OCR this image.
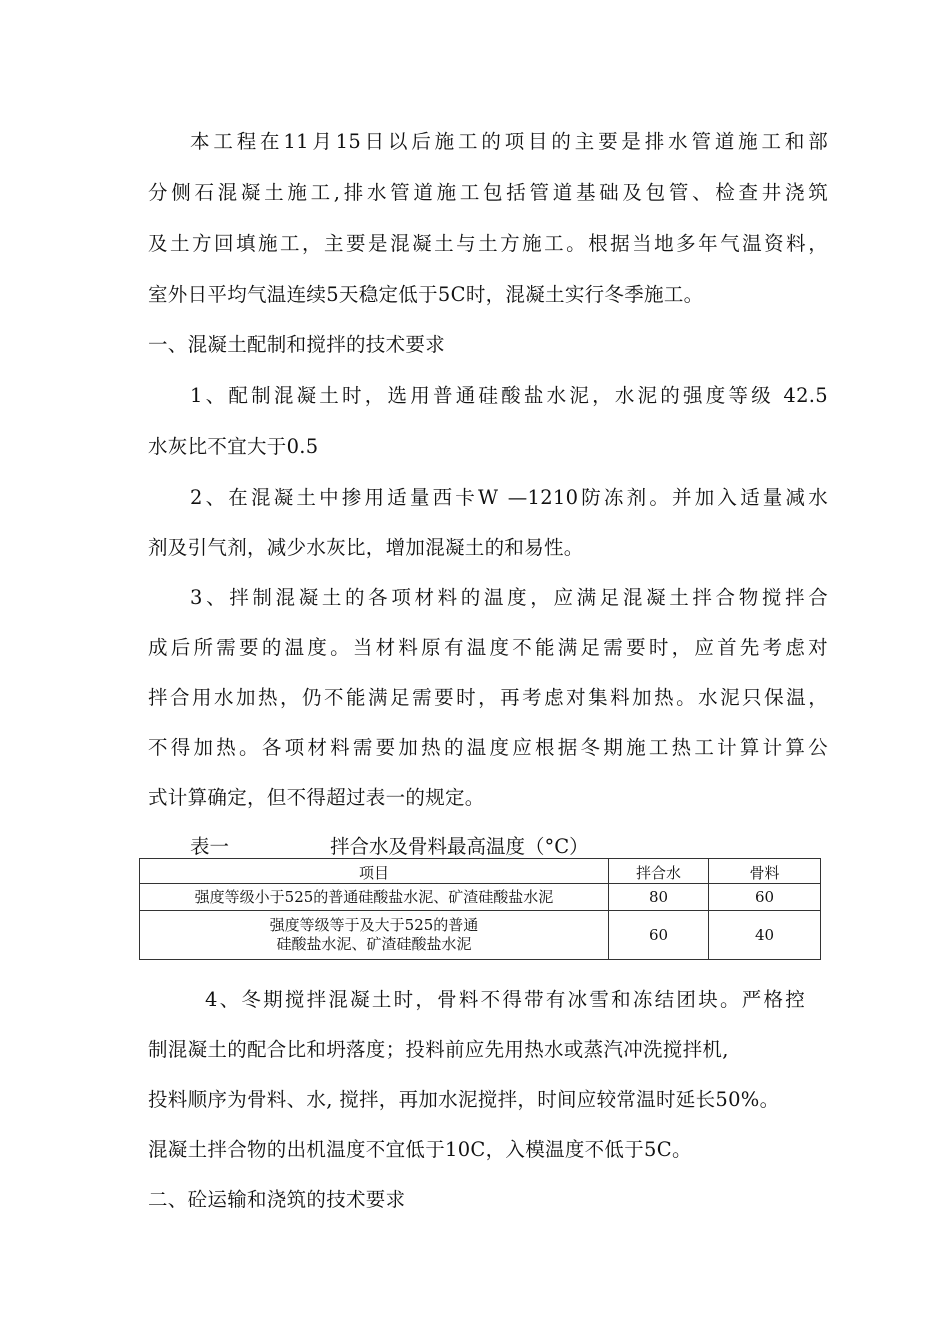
本工程在11月15日以后施工的项目的主要是排水管道施工和部
分侧石混凝土施工,排水管道施工包括管道基础及包管、检查井浇筑
及土方回填施工，主要是混凝土与土方施工。根据当地多年气温资料，
室外日平均气温连续5天稳定低于5C时，混凝土实行冬季施工。
一、混凝土配制和搅拌的技术要求
1、配制混凝土时，选用普通硅酸盐水泥，水泥的强度等级 42.5
水灰比不宜大于0.5
2、在混凝土中掺用适量西卡W —1210防冻剂。并加入适量减水
剂及引气剂，减少水灰比，增加混凝土的和易性。
3、拌制混凝土的各项材料的温度，应满足混凝土拌合物搅拌合
成后所需要的温度。当材料原有温度不能满足需要时，应首先考虑对
拌合用水加热，仍不能满足需要时，再考虑对集料加热。水泥只保温，
不得加热。各项材料需要加热的温度应根据冬期施工热工计算计算公
式计算确定，但不得超过表一的规定。
表一	拌合水及骨料最高温度（°C）
项目	拌合水	骨料
强度等级小于525的普通硅酸盐水泥、矿渣硅酸盐水泥	80	60

强度等级等于及大于525的普通
硅酸盐水泥、矿渣硅酸盐水泥	60	40
4、冬期搅拌混凝土时，骨料不得带有冰雪和冻结团块。严格控
制混凝土的配合比和坍落度；投料前应先用热水或蒸汽冲洗搅拌机,
投料顺序为骨料、水, 搅拌，再加水泥搅拌，时间应较常温时延长50%。
混凝土拌合物的出机温度不宜低于10C，入模温度不低于5C。
二、砼运输和浇筑的技术要求
